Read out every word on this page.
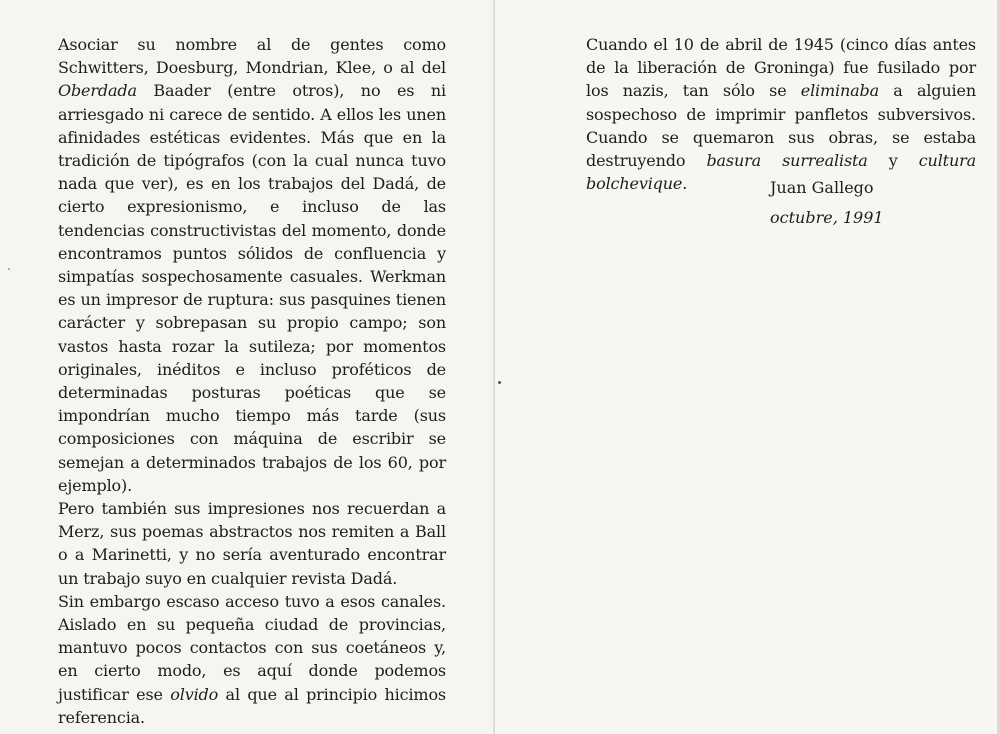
Asociar su nombre al de gentes como Schwitters, Doesburg, Mondrian, Klee, o al del Oberdada Baader (entre otros), no es ni arriesgado ni carece de sentido. A ellos les unen afinidades estéticas evidentes. Más que en la tradición de tipógrafos (con la cual nunca tuvo nada que ver), es en los trabajos del Dadá, de cierto expresionismo, e incluso de las tendencias constructivistas del momento, donde encontramos puntos sólidos de confluencia y simpatías sospechosamente casuales. Werkman es un impresor de ruptura: sus pasquines tienen carácter y sobrepasan su propio campo; son vastos hasta rozar la sutileza; por momentos originales, inéditos e incluso proféticos de determinadas posturas poéticas que se impondrían mucho tiempo más tarde (sus composiciones con máquina de escribir se semejan a determinados trabajos de los 60, por ejemplo).

Pero también sus impresiones nos recuerdan a Merz, sus poemas abstractos nos remiten a Ball o a Marinetti, y no sería aventurado encontrar un trabajo suyo en cualquier revista Dadá.

Sin embargo escaso acceso tuvo a esos canales. Aislado en su pequeña ciudad de provincias, mantuvo pocos contactos con sus coetáneos y, en cierto modo, es aquí donde podemos justificar ese olvido al que al principio hicimos referencia.

Cuando el 10 de abril de 1945 (cinco días antes de la liberación de Groninga) fue fusilado por los nazis, tan sólo se eliminaba a alguien sospechoso de imprimir panfletos subversivos. Cuando se quemaron sus obras, se estaba destruyendo basura surrealista y cultura bolchevique.	Juan Gallego
octubre, 1991
